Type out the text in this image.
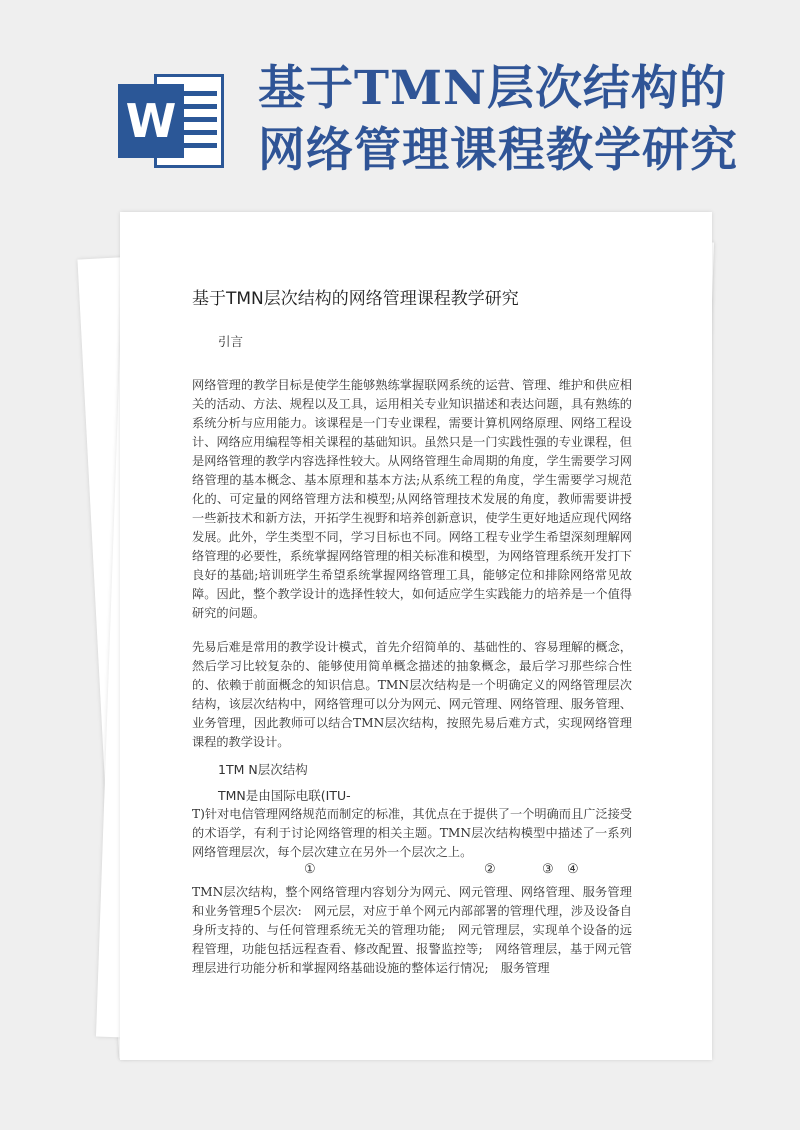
W
基于TMN层次结构的
网络管理课程教学研究
基于TMN层次结构的网络管理课程教学研究
引言
网络管理的教学目标是使学生能够熟练掌握联网系统的运营、管理、维护和供应相关的活动、方法、规程以及工具，运用相关专业知识描述和表达问题，具有熟练的系统分析与应用能力。该课程是一门专业课程，需要计算机网络原理、网络工程设计、网络应用编程等相关课程的基础知识。虽然只是一门实践性强的专业课程，但是网络管理的教学内容选择性较大。从网络管理生命周期的角度，学生需要学习网络管理的基本概念、基本原理和基本方法;从系统工程的角度，学生需要学习规范化的、可定量的网络管理方法和模型;从网络管理技术发展的角度，教师需要讲授一些新技术和新方法，开拓学生视野和培养创新意识，使学生更好地适应现代网络发展。此外，学生类型不同，学习目标也不同。网络工程专业学生希望深刻理解网络管理的必要性，系统掌握网络管理的相关标准和模型，为网络管理系统开发打下良好的基础;培训班学生希望系统掌握网络管理工具，能够定位和排除网络常见故障。因此，整个教学设计的选择性较大，如何适应学生实践能力的培养是一个值得研究的问题。
先易后难是常用的教学设计模式，首先介绍简单的、基础性的、容易理解的概念，然后学习比较复杂的、能够使用简单概念描述的抽象概念，最后学习那些综合性的、依赖于前面概念的知识信息。TMN层次结构是一个明确定义的网络管理层次结构，该层次结构中，网络管理可以分为网元、网元管理、网络管理、服务管理、业务管理，因此教师可以结合TMN层次结构，按照先易后难方式，实现网络管理课程的教学设计。
1TM N层次结构
TMN是由国际电联(ITU-
T)针对电信管理网络规范而制定的标准，其优点在于提供了一个明确而且广泛接受的术语学，有利于讨论网络管理的相关主题。TMN层次结构模型中描述了一系列网络管理层次，每个层次建立在另外一个层次之上。
①	②	③ ④
TMN层次结构，整个网络管理内容划分为网元、网元管理、网络管理、服务管理和业务管理5个层次:　网元层，对应于单个网元内部部署的管理代理，涉及设备自身所支持的、与任何管理系统无关的管理功能;　网元管理层，实现单个设备的远程管理，功能包括远程查看、修改配置、报警监控等;　网络管理层，基于网元管理层进行功能分析和掌握网络基础设施的整体运行情况;　服务管理
